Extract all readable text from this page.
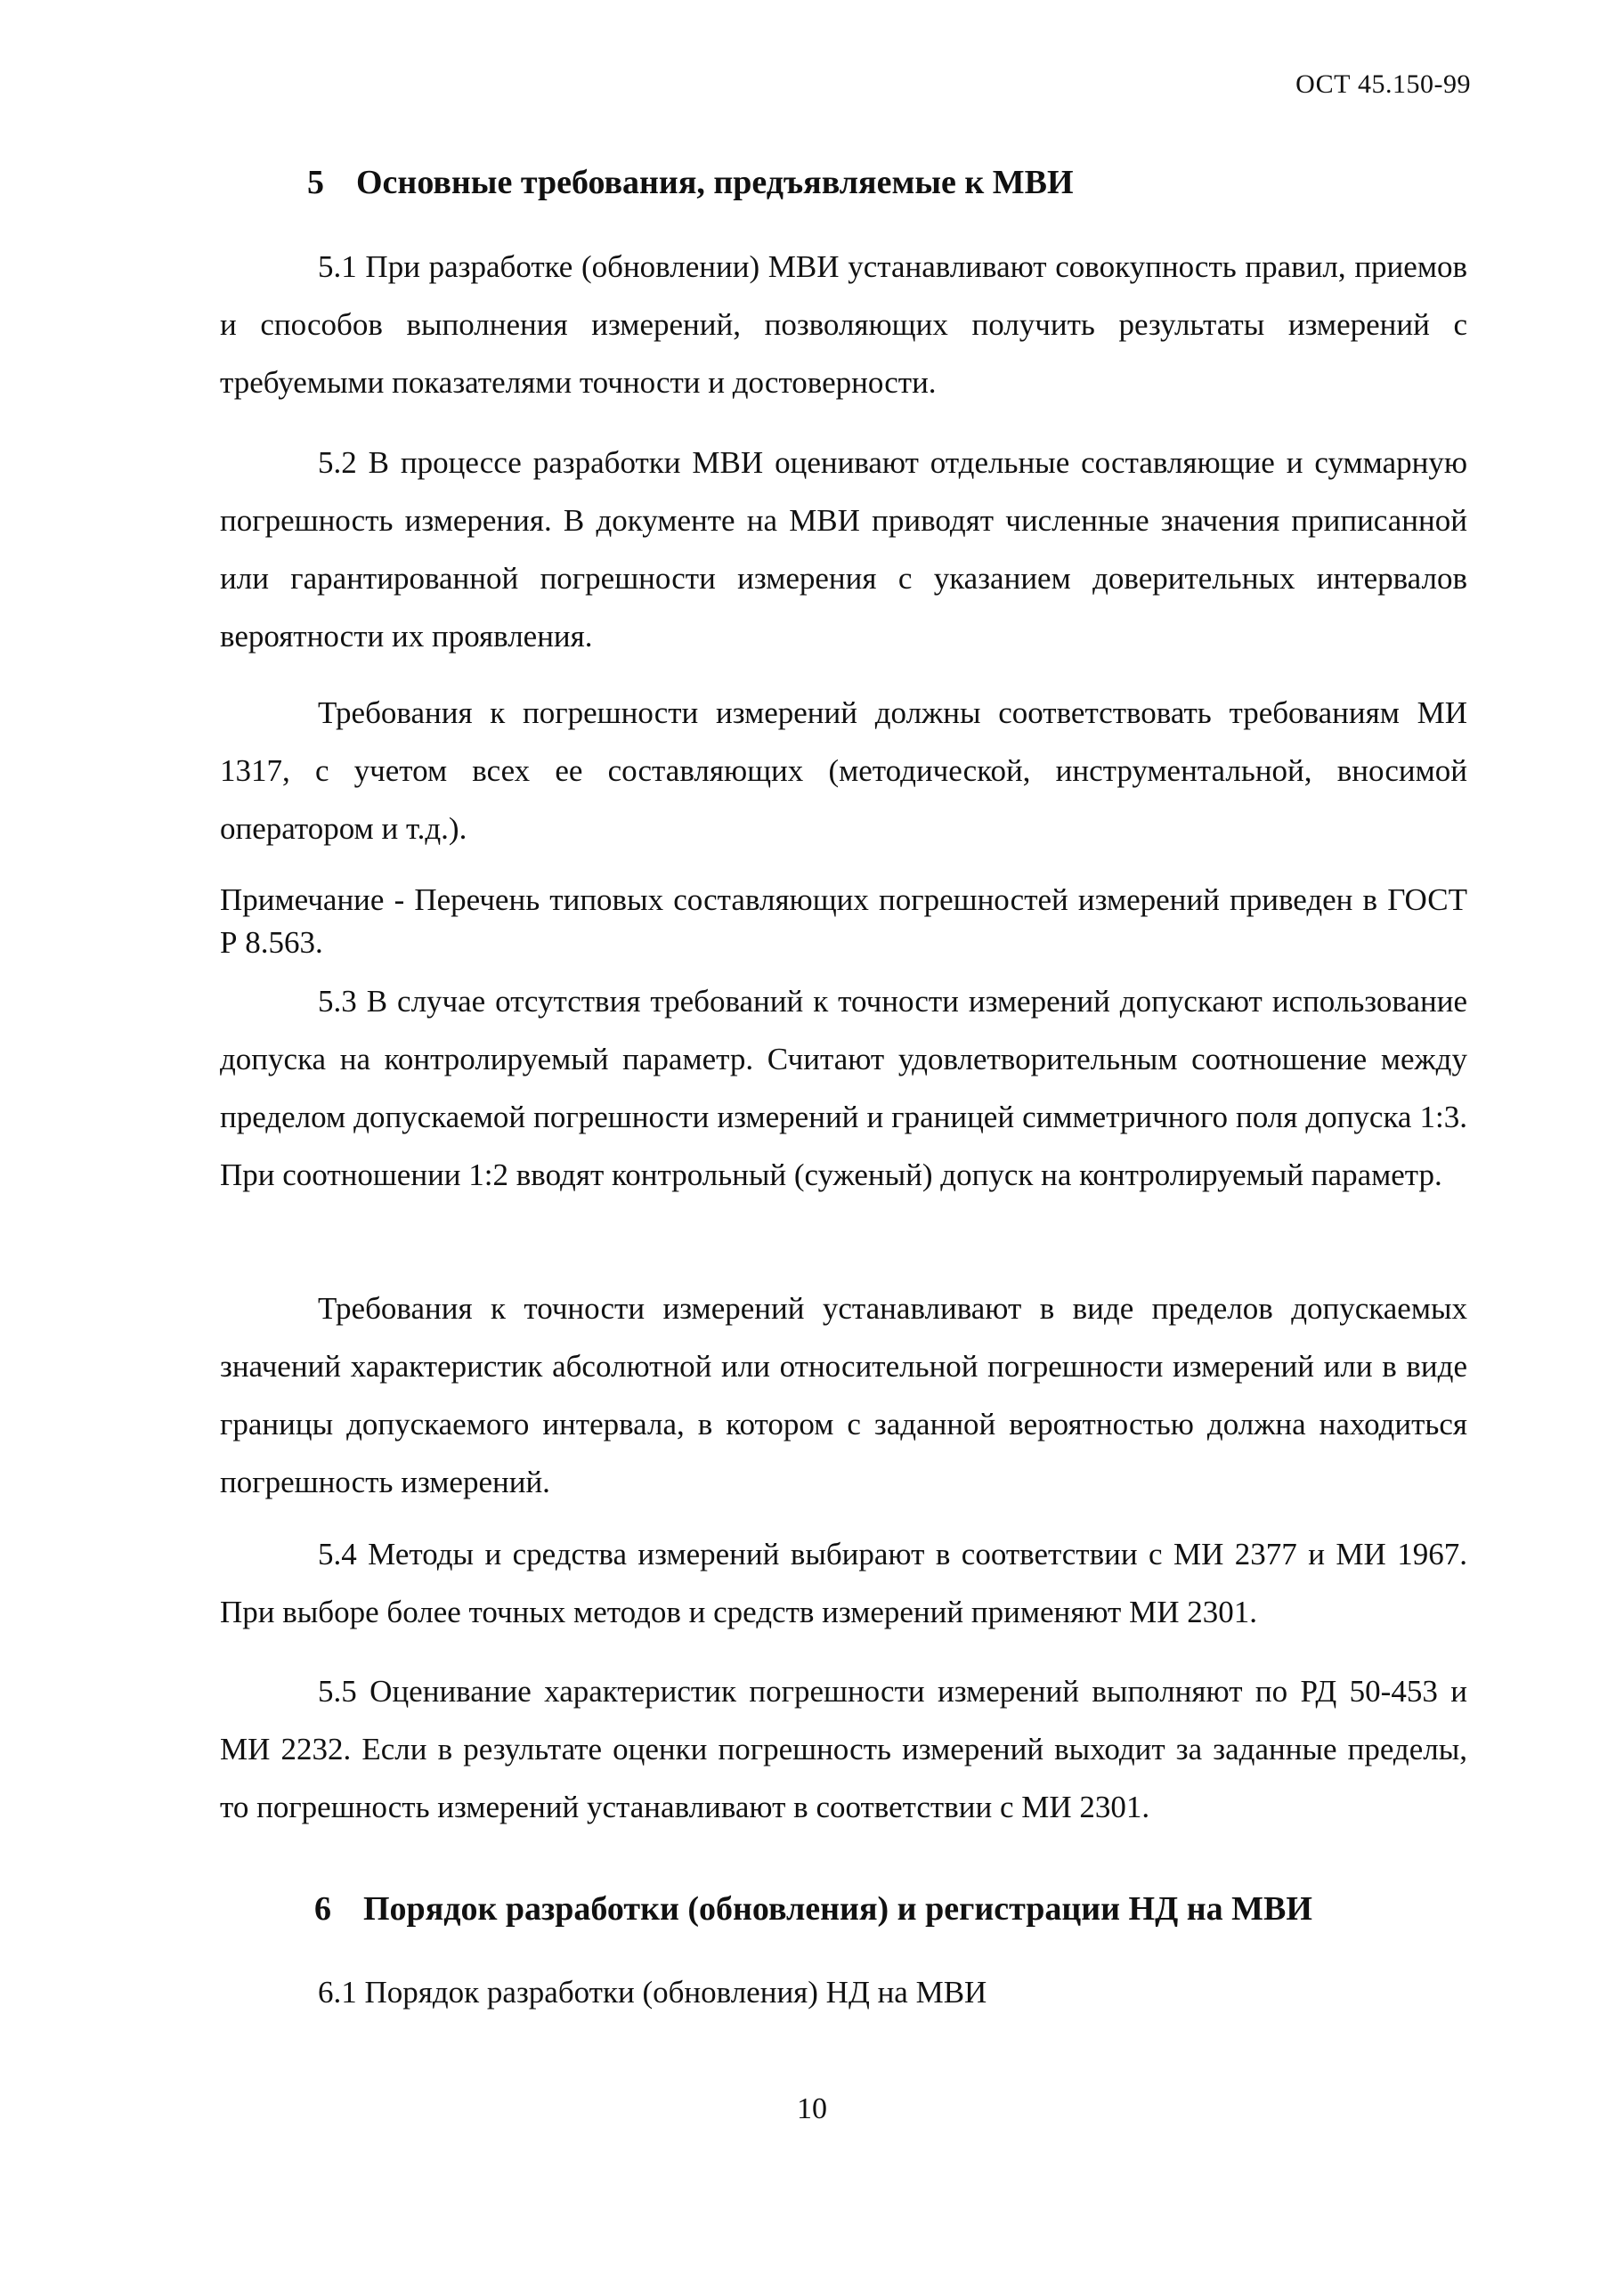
ОСТ 45.150-99
5 Основные требования, предъявляемые к МВИ

5.1 При разработке (обновлении) МВИ устанавливают совокупность правил, приемов и способов выполнения измерений, позволяющих получить результаты измерений с требуемыми показателями точности и достоверности.

5.2 В процессе разработки МВИ оценивают отдельные составляющие и суммарную погрешность измерения. В документе на МВИ приводят численные значения приписанной или гарантированной погрешности измерения с указанием доверительных интервалов вероятности их проявления.

Требования к погрешности измерений должны соответствовать требованиям МИ 1317, с учетом всех ее составляющих (методической, инструментальной, вносимой оператором и т.д.).

Примечание - Перечень типовых составляющих погрешностей измерений приведен в ГОСТ Р 8.563.

5.3 В случае отсутствия требований к точности измерений допускают использование допуска на контролируемый параметр. Считают удовлетворительным соотношение между пределом допускаемой погрешности измерений и границей симметричного поля допуска 1:3. При соотношении 1:2 вводят контрольный (суженый) допуск на контролируемый параметр.

Требования к точности измерений устанавливают в виде пределов допускаемых значений характеристик абсолютной или относительной погрешности измерений или в виде границы допускаемого интервала, в котором с заданной вероятностью должна находиться погрешность измерений.

5.4 Методы и средства измерений выбирают в соответствии с МИ 2377 и МИ 1967. При выборе более точных методов и средств измерений применяют МИ 2301.

5.5 Оценивание характеристик погрешности измерений выполняют по РД 50-453 и МИ 2232. Если в результате оценки погрешность измерений выходит за заданные пределы, то погрешность измерений устанавливают в соответствии с МИ 2301.

6 Порядок разработки (обновления) и регистрации НД на МВИ
6.1 Порядок разработки (обновления) НД на МВИ
10
